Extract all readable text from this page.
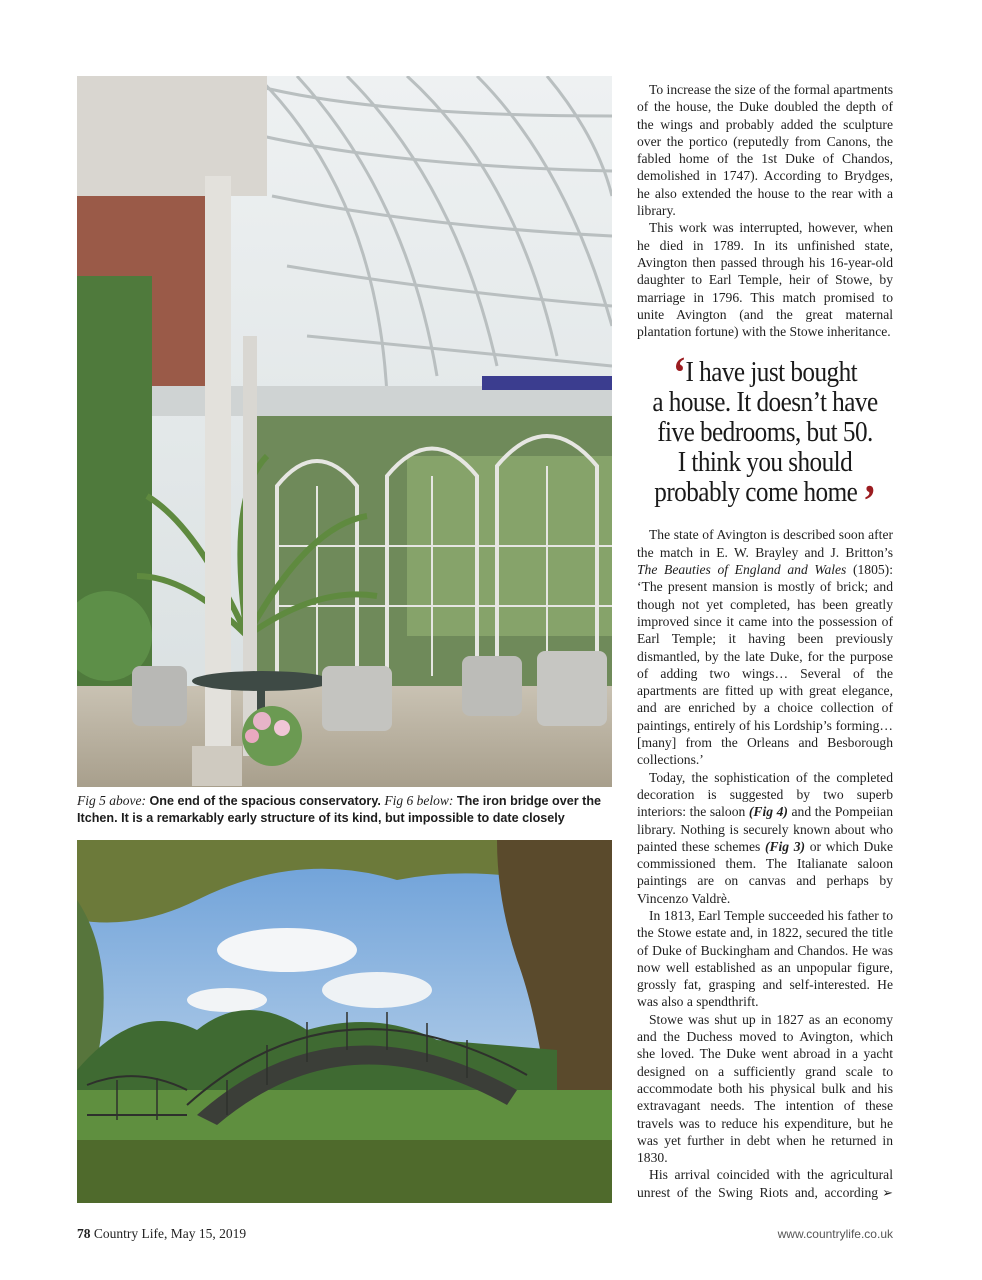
Fig 5 above: One end of the spacious conservatory. Fig 6 below: The iron bridge over the Itchen. It is a remarkably early structure of its kind, but impossible to date closely

To increase the size of the formal apartments of the house, the Duke doubled the depth of the wings and probably added the sculpture over the portico (reputedly from Canons, the fabled home of the 1st Duke of Chandos, demolished in 1747). According to Brydges, he also extended the house to the rear with a library.

This work was interrupted, however, when he died in 1789. In its unfinished state, Avington then passed through his 16-year-old daughter to Earl Temple, heir of Stowe, by marriage in 1796. This match promised to unite Avington (and the great maternal plantation fortune) with the Stowe inheritance.

‘I have just bought
a house. It doesn’t have
five bedrooms, but 50.
I think you should
probably come home ’

The state of Avington is described soon after the match in E. W. Brayley and J. Britton’s The Beauties of England and Wales (1805): ‘The present mansion is mostly of brick; and though not yet completed, has been greatly improved since it came into the possession of Earl Temple; it having been previously dismantled, by the late Duke, for the purpose of adding two wings… Several of the apartments are fitted up with great elegance, and are enriched by a choice collection of paintings, entirely of his Lordship’s forming… [many] from the Orleans and Besborough collections.’

Today, the sophistication of the completed decoration is suggested by two superb interiors: the saloon (Fig 4) and the Pompeiian library. Nothing is securely known about who painted these schemes (Fig 3) or which Duke commissioned them. The Italianate saloon paintings are on canvas and perhaps by Vincenzo Valdrè.

In 1813, Earl Temple succeeded his father to the Stowe estate and, in 1822, secured the title of Duke of Buckingham and Chandos. He was now well established as an unpopular figure, grossly fat, grasping and self-interested. He was also a spendthrift.

Stowe was shut up in 1827 as an economy and the Duchess moved to Avington, which she loved. The Duke went abroad in a yacht designed on a sufficiently grand scale to accommodate both his physical bulk and his extravagant needs. The intention of these travels was to reduce his expenditure, but he was yet further in debt when he returned in 1830.

His arrival coincided with the agricultural unrest of the Swing Riots and, according ➢

78 Country Life, May 15, 2019	www.countrylife.co.uk
